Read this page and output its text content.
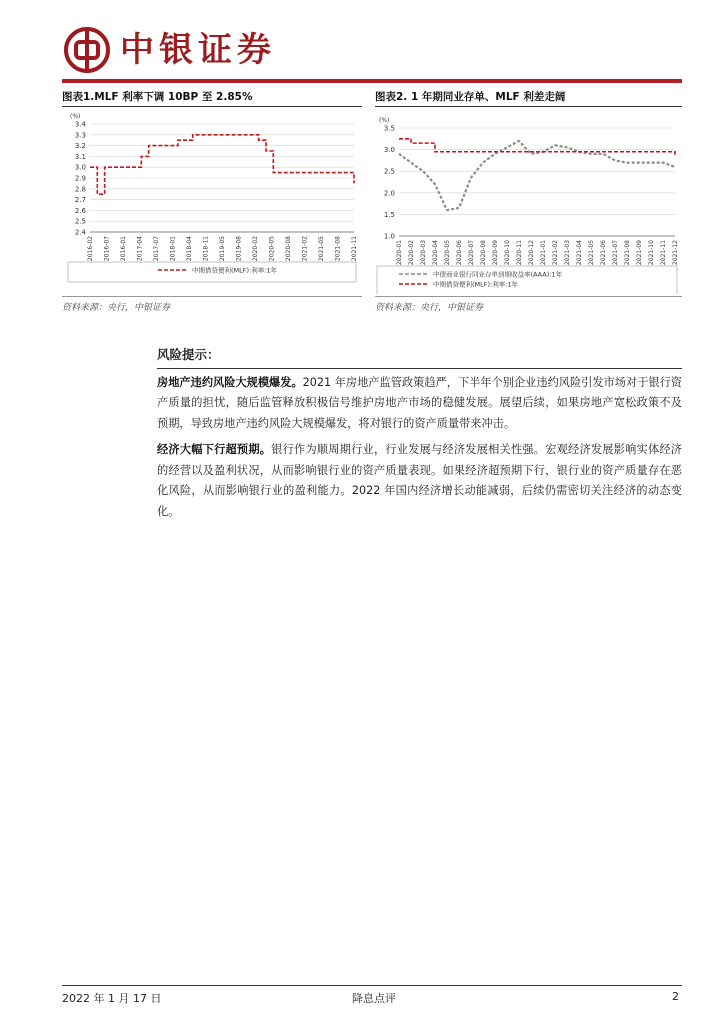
中银证券
图表1.MLF 利率下调 10BP 至 2.85%	图表2. 1 年期同业存单、MLF 利差走阔
(%)
3.4
3.3
3.2
3.1
3.0
2.9
2.8
2.7
2.6
2.5
2.4
2016-02 2016-07 2016-01 2017-04 2017-07 2018-01 2018-04 2018-11 2019-05 2019-08 2020-02 2020-05 2020-08 2021-02 2021-05 2021-08 2021-11
中期借贷便利(MLF):利率:1年
(%)
3.5
3.0
2.5
2.0
1.5
1.0
2020-01 2020-02 2020-03 2020-04 2020-05 2020-06 2020-07 2020-08 2020-09 2020-10 2020-11 2020-12 2021-01 2021-02 2021-03 2021-04 2021-05 2021-06 2021-07 2021-08 2021-09 2021-10 2021-11 2021-12
中债商业银行同业存单到期收益率(AAA):1年
中期借贷便利(MLF):利率:1年
资料来源：央行，中银证券	资料来源：央行，中银证券
风险提示：

房地产违约风险大规模爆发。2021 年房地产监管政策趋严，下半年个别企业违约风险引发市场对于银行资产质量的担忧，随后监管释放积极信号维护房地产市场的稳健发展。展望后续，如果房地产宽松政策不及预期，导致房地产违约风险大规模爆发，将对银行的资产质量带来冲击。

经济大幅下行超预期。银行作为顺周期行业，行业发展与经济发展相关性强。宏观经济发展影响实体经济的经营以及盈利状况，从而影响银行业的资产质量表现。如果经济超预期下行，银行业的资产质量存在恶化风险，从而影响银行业的盈利能力。2022 年国内经济增长动能减弱，后续仍需密切关注经济的动态变化。

2022 年 1 月 17 日	降息点评	2
